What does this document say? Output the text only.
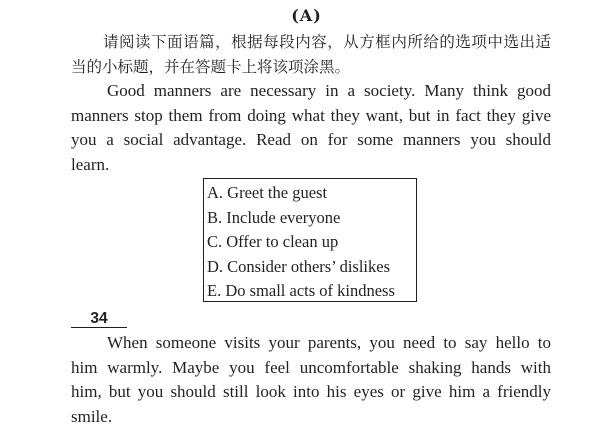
(A)

请阅读下面语篇，根据每段内容，从方框内所给的选项中选出适当的小标题，并在答题卡上将该项涂黑。

Good manners are necessary in a society. Many think good manners stop them from doing what they want, but in fact they give you a social advantage. Read on for some manners you should learn.

A. Greet the guest
B. Include everyone
C. Offer to clean up
D. Consider others’ dislikes
E. Do small acts of kindness
34

When someone visits your parents, you need to say hello to him warmly. Maybe you feel uncomfortable shaking hands with him, but you should still look into his eyes or give him a friendly smile.
